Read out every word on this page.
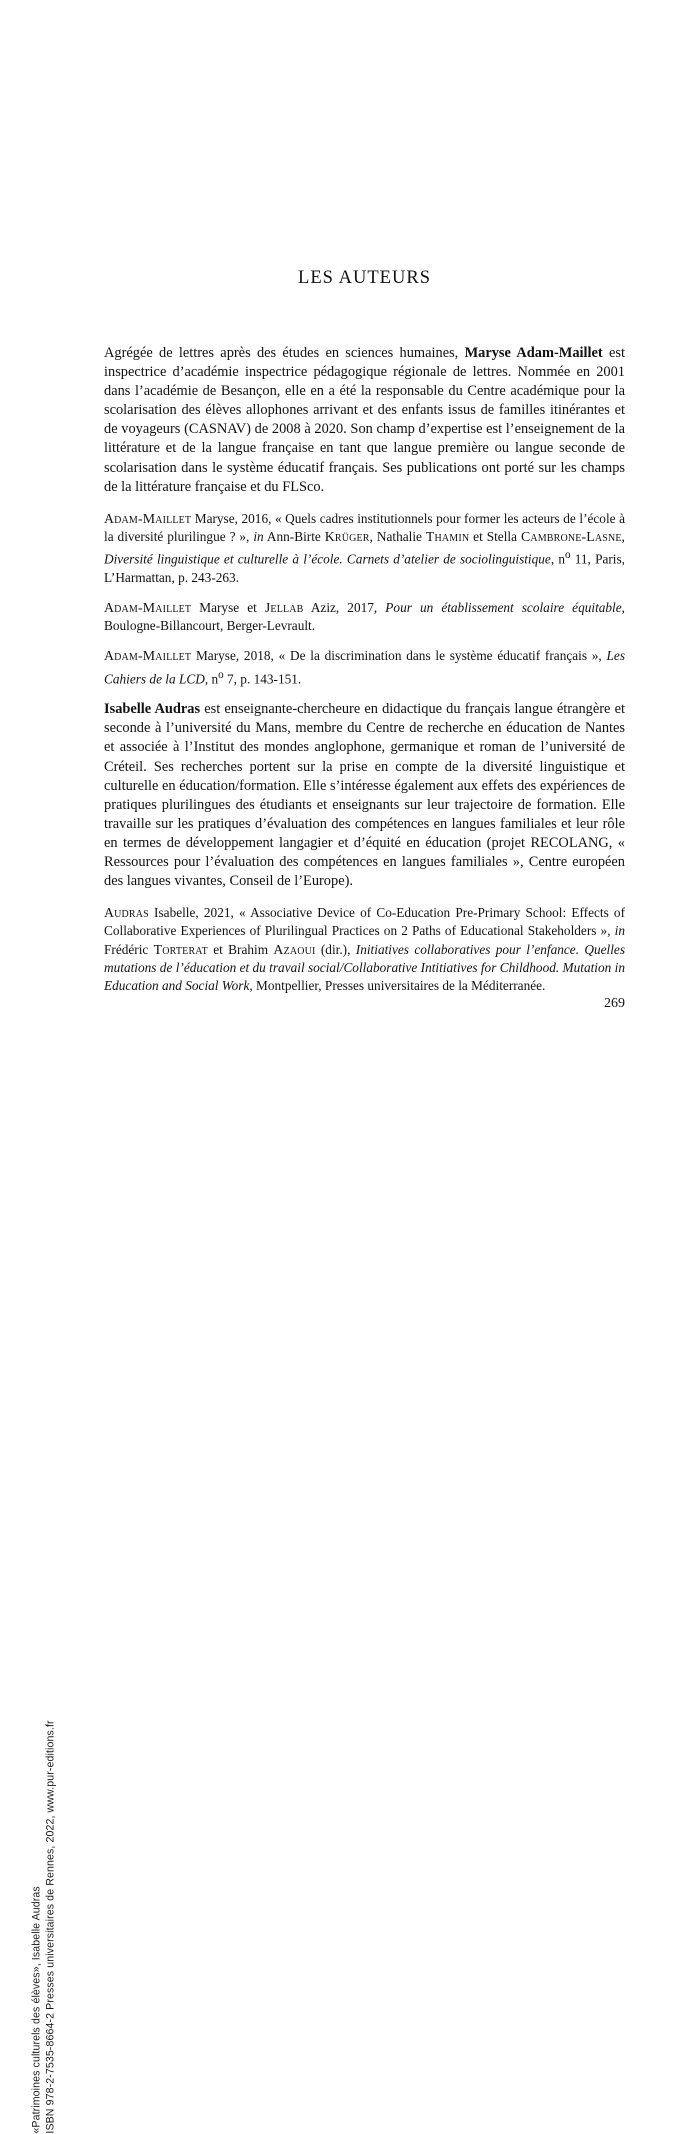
«Patrimoines culturels des élèves», Isabelle Audras ISBN 978-2-7535-8664-2 Presses universitaires de Rennes, 2022, www.pur-editions.fr
LES AUTEURS

Agrégée de lettres après des études en sciences humaines, Maryse Adam-Maillet est inspectrice d’académie inspectrice pédagogique régionale de lettres. Nommée en 2001 dans l’académie de Besançon, elle en a été la responsable du Centre académique pour la scolarisation des élèves allophones arrivant et des enfants issus de familles itinérantes et de voyageurs (CASNAV) de 2008 à 2020. Son champ d’expertise est l’enseignement de la littérature et de la langue française en tant que langue première ou langue seconde de scolarisation dans le système éducatif français. Ses publications ont porté sur les champs de la littérature française et du FLSco.

Adam-Maillet Maryse, 2016, « Quels cadres institutionnels pour former les acteurs de l’école à la diversité plurilingue ? », in Ann-Birte Krüger, Nathalie Thamin et Stella Cambrone-Lasne, Diversité linguistique et culturelle à l’école. Carnets d’atelier de sociolinguistique, $n^o$ 11, Paris, L’Harmattan, p. 243-263.

Adam-Maillet Maryse et Jellab Aziz, 2017, Pour un établissement scolaire équitable, Boulogne-Billancourt, Berger-Levrault.

Adam-Maillet Maryse, 2018, « De la discrimination dans le système éducatif français », Les Cahiers de la LCD, $n^o$ 7, p. 143-151.

Isabelle Audras est enseignante-chercheure en didactique du français langue étrangère et seconde à l’université du Mans, membre du Centre de recherche en éducation de Nantes et associée à l’Institut des mondes anglophone, germanique et roman de l’université de Créteil. Ses recherches portent sur la prise en compte de la diversité linguistique et culturelle en éducation/formation. Elle s’intéresse également aux effets des expériences de pratiques plurilingues des étudiants et enseignants sur leur trajectoire de formation. Elle travaille sur les pratiques d’évaluation des compétences en langues familiales et leur rôle en termes de développement langagier et d’équité en éducation (projet RECOLANG, « Ressources pour l’évaluation des compétences en langues familiales », Centre européen des langues vivantes, Conseil de l’Europe).

Audras Isabelle, 2021, « Associative Device of Co-Education Pre-Primary School: Effects of Collaborative Experiences of Plurilingual Practices on 2 Paths of Educational Stakeholders », in Frédéric Torterat et Brahim Azaoui (dir.), Initiatives collaboratives pour l’enfance. Quelles mutations de l’éducation et du travail social/Collaborative Intitiatives for Childhood. Mutation in Education and Social Work, Montpellier, Presses universitaires de la Méditerranée.

269
